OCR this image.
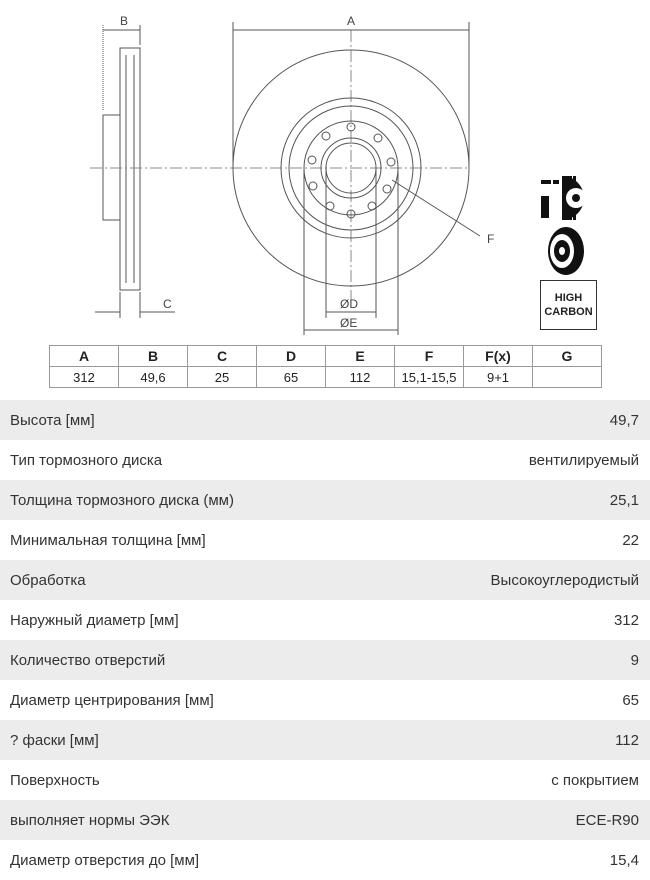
B
C
A
ØD
ØE
F
HIGH
CARBON
A	B	C	D	E	F	F(x)	G
312	49,6	25	65	112	15,1-15,5	9+1	
Высота [мм]	49,7
Тип тормозного диска	вентилируемый
Толщина тормозного диска (мм)	25,1
Минимальная толщина [мм]	22
Обработка	Высокоуглеродистый
Наружный диаметр [мм]	312
Количество отверстий	9
Диаметр центрирования [мм]	65
? фаски [мм]	112
Поверхность	с покрытием
выполняет нормы ЭЭК	ECE-R90
Диаметр отверстия до [мм]	15,4
